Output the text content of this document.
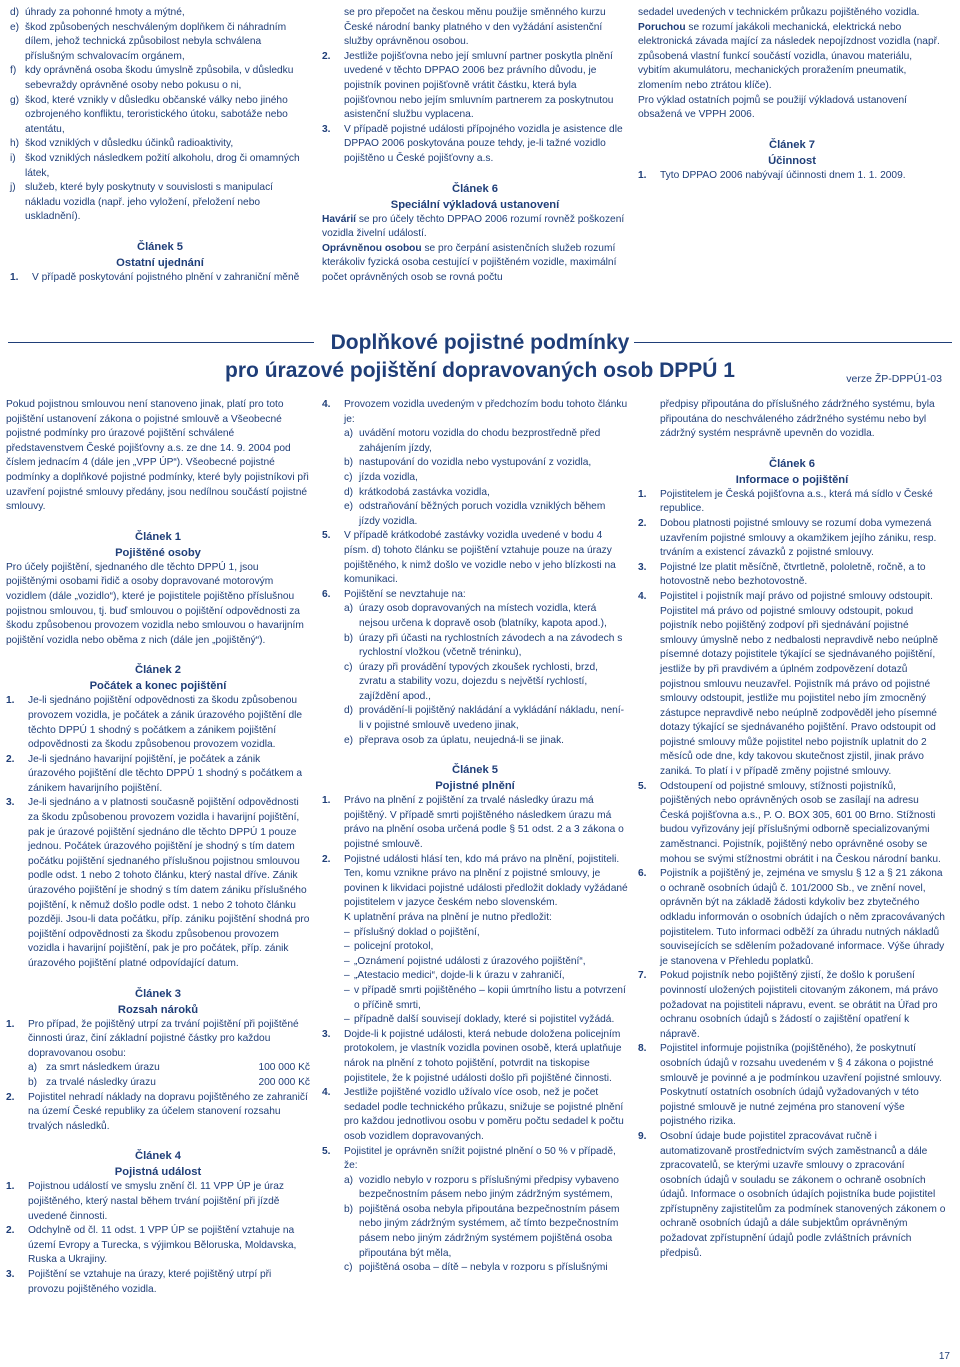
d) úhrady za pohonné hmoty a mýtné,
e) škod způsobených neschváleným doplňkem či náhradním dílem, jehož technická způsobilost nebyla schválena příslušným schvalovacím orgánem,
f) kdy oprávněná osoba škodu úmyslně způsobila, v důsledku sebevraždy oprávněné osoby nebo pokusu o ni,
g) škod, které vznikly v důsledku občanské války nebo jiného ozbrojeného konfliktu, teroristického útoku, sabotáže nebo atentátu,
h) škod vzniklých v důsledku účinků radioaktivity,
i) škod vzniklých následkem požití alkoholu, drog či omamných látek,
j) služeb, které byly poskytnuty v souvislosti s manipulací nákladu vozidla (např. jeho vyložení, přeložení nebo uskladnění).
Článek 5
Ostatní ujednání
1.	V případě poskytování pojistného plnění v zahraniční měně

se pro přepočet na českou měnu použije směnného kurzu České národní banky platného v den vyžádání asistenční služby oprávněnou osobou.

2.	Jestliže pojišťovna nebo její smluvní partner poskytla plnění uvedené v těchto DPPAO 2006 bez právního důvodu, je pojistník povinen pojišťovně vrátit částku, která byla pojišťovnou nebo jejím smluvním partnerem za poskytnutou asistenční službu vyplacena.
3.	V případě pojistné události přípojného vozidla je asistence dle DPPAO 2006 poskytována pouze tehdy, je-li tažné vozidlo pojištěno u České pojišťovny a.s.
Článek 6
Speciální výkladová ustanovení

Havárií se pro účely těchto DPPAO 2006 rozumí rovněž poškození vozidla živelní událostí.

Oprávněnou osobou se pro čerpání asistenčních služeb rozumí kterákoliv fyzická osoba cestující v pojištěném vozidle, maximální počet oprávněných osob se rovná počtu

sedadel uvedených v technickém průkazu pojištěného vozidla.

Poruchou se rozumí jakákoli mechanická, elektrická nebo elektronická závada mající za následek nepojízdnost vozidla (např. způsobená vlastní funkcí součástí vozidla, únavou materiálu, vybitím akumulátoru, mechanických proražením pneumatik, zlomením nebo ztrátou klíče).

Pro výklad ostatních pojmů se použijí výkladová ustanovení obsažená ve VPPH 2006.

Článek 7
Účinnost
1.	Tyto DPPAO 2006 nabývají účinnosti dnem 1. 1. 2009.
Doplňkové pojistné podmínky
pro úrazové pojištění dopravovaných osob DPPÚ 1	verze ŽP-DPPÚ1-03

Pokud pojistnou smlouvou není stanoveno jinak, platí pro toto pojištění ustanovení zákona o pojistné smlouvě a Všeobecné pojistné podmínky pro úrazové pojištění schválené představenstvem České pojišťovny a.s. ze dne 14. 9. 2004 pod číslem jednacím 4 (dále jen „VPP ÚP“). Všeobecné pojistné podmínky a doplňkové pojistné podmínky, které byly pojistníkovi při uzavření pojistné smlouvy předány, jsou nedílnou součástí pojistné smlouvy.

Článek 1
Pojištěné osoby

Pro účely pojištění, sjednaného dle těchto DPPÚ 1, jsou pojištěnými osobami řidič a osoby dopravované motorovým vozidlem (dále „vozidlo“), které je pojistitele pojištěno příslušnou pojistnou smlouvou, tj. buď smlouvou o pojištění odpovědnosti za škodu způsobenou provozem vozidla nebo smlouvou o havarijním pojištění vozidla nebo oběma z nich (dále jen „pojištěný“).

Článek 2
Počátek a konec pojištění
1.	Je-li sjednáno pojištění odpovědnosti za škodu způsobenou provozem vozidla, je počátek a zánik úrazového pojištění dle těchto DPPÚ 1 shodný s počátkem a zánikem pojištění odpovědnosti za škodu způsobenou provozem vozidla.
2.	Je-li sjednáno havarijní pojištění, je počátek a zánik úrazového pojištění dle těchto DPPÚ 1 shodný s počátkem a zánikem havarijního pojištění.
3.	Je-li sjednáno a v platnosti současně pojištění odpovědnosti za škodu způsobenou provozem vozidla i havarijní pojištění, pak je úrazové pojištění sjednáno dle těchto DPPÚ 1 pouze jednou. Počátek úrazového pojištění je shodný s tím datem počátku pojištění sjednaného příslušnou pojistnou smlouvou podle odst. 1 nebo 2 tohoto článku, který nastal dříve. Zánik úrazového pojištění je shodný s tím datem zániku příslušného pojištění, k němuž došlo podle odst. 1 nebo 2 tohoto článku později. Jsou-li data počátku, příp. zániku pojištění shodná pro pojištění odpovědnosti za škodu způsobenou provozem vozidla i havarijní pojištění, pak je pro počátek, příp. zánik úrazového pojištění platné odpovídající datum.
Článek 3
Rozsah nároků
1.	Pro případ, že pojištěný utrpí za trvání pojištění při pojištěné činnosti úraz, činí základní pojistné částky pro každou dopravovanou osobu:
a) za smrt následkem úrazu	100 000 Kč
b) za trvalé následky úrazu	200 000 Kč
2.	Pojistitel nehradí náklady na dopravu pojištěného ze zahraničí na území České republiky za účelem stanovení rozsahu trvalých následků.
Článek 4
Pojistná událost
1.	Pojistnou událostí ve smyslu znění čl. 11 VPP ÚP je úraz pojištěného, který nastal během trvání pojištění při jízdě uvedené činnosti.
2.	Odchylně od čl. 11 odst. 1 VPP ÚP se pojištění vztahuje na území Evropy a Turecka, s výjimkou Běloruska, Moldavska, Ruska a Ukrajiny.
3.	Pojištění se vztahuje na úrazy, které pojištěný utrpí při provozu pojištěného vozidla.
4.	Provozem vozidla uvedeným v předchozím bodu tohoto článku je:
a) uvádění motoru vozidla do chodu bezprostředně před zahájením jízdy,
b) nastupování do vozidla nebo vystupování z vozidla,
c) jízda vozidla,
d) krátkodobá zastávka vozidla,
e) odstraňování běžných poruch vozidla vzniklých během jízdy vozidla.
5.	V případě krátkodobé zastávky vozidla uvedené v bodu 4 písm. d) tohoto článku se pojištění vztahuje pouze na úrazy pojištěného, k nimž došlo ve vozidle nebo v jeho blízkosti na komunikaci.
6.	Pojištění se nevztahuje na:
a) úrazy osob dopravovaných na místech vozidla, která nejsou určena k dopravě osob (blatníky, kapota apod.),
b) úrazy při účasti na rychlostních závodech a na závodech s rychlostní vložkou (včetně tréninku),
c) úrazy při provádění typových zkoušek rychlosti, brzd, zvratu a stability vozu, dojezdu s největší rychlostí, zajíždění apod.,
d) provádění-li pojištěný nakládání a vykládání nákladu, není-li v pojistné smlouvě uvedeno jinak,
e) přeprava osob za úplatu, neujedná-li se jinak.
Článek 5
Pojistné plnění
1.	Právo na plnění z pojištění za trvalé následky úrazu má pojištěný. V případě smrti pojištěného následkem úrazu má právo na plnění osoba určená podle § 51 odst. 2 a 3 zákona o pojistné smlouvě.
2.	Pojistné události hlásí ten, kdo má právo na plnění, pojistiteli. Ten, komu vznikne právo na plnění z pojistné smlouvy, je povinen k likvidaci pojistné události předložit doklady vyžádané pojistitelem v jazyce českém nebo slovenském.

K uplatnění práva na plnění je nutno předložit:

– příslušný doklad o pojištění,
– policejní protokol,
– „Oznámení pojistné události z úrazového pojištění“,
– „Atestacio medici“, dojde-li k úrazu v zahraničí,
– v případě smrti pojištěného – kopii úmrtního listu a potvrzení o příčině smrti,
– případně další souvisejí doklady, které si pojistitel vyžádá.
3.	Dojde-li k pojistné události, která nebude doložena policejním protokolem, je vlastník vozidla povinen osobě, která uplatňuje nárok na plnění z tohoto pojištění, potvrdit na tiskopise pojistitele, že k pojistné události došlo při pojištěné činnosti.
4.	Jestliže pojištěné vozidlo užívalo více osob, než je počet sedadel podle technického průkazu, snižuje se pojistné plnění pro každou jednotlivou osobu v poměru počtu sedadel k počtu osob vozidlem dopravovaných.
5.	Pojistitel je oprávněn snížit pojistné plnění o 50 % v případě, že:
a) vozidlo nebylo v rozporu s příslušnými předpisy vybaveno bezpečnostním pásem nebo jiným zádržným systémem,
b) pojištěná osoba nebyla připoutána bezpečnostním pásem nebo jiným zádržným systémem, ač tímto bezpečnostním pásem nebo jiným zádržným systémem pojištěná osoba připoutána být měla,
c) pojištěná osoba – dítě – nebyla v rozporu s příslušnými

předpisy připoutána do příslušného zádržného systému, byla připoutána do neschváleného zádržného systému nebo byl zádržný systém nesprávně upevněn do vozidla.

Článek 6
Informace o pojištění
1.	Pojistitelem je Česká pojišťovna a.s., která má sídlo v České republice.
2.	Dobou platnosti pojistné smlouvy se rozumí doba vymezená uzavřením pojistné smlouvy a okamžikem jejího zániku, resp. trváním a existencí závazků z pojistné smlouvy.
3.	Pojistné lze platit měsíčně, čtvrtletně, pololetně, ročně, a to hotovostně nebo bezhotovostně.
4.	Pojistitel i pojistník mají právo od pojistné smlouvy odstoupit. Pojistitel má právo od pojistné smlouvy odstoupit, pokud pojistník nebo pojištěný zodpoví při sjednávání pojistné smlouvy úmyslně nebo z nedbalosti nepravdivě nebo neúplně písemné dotazy pojistitele týkající se sjednávaného pojištění, jestliže by při pravdivém a úplném zodpovězení dotazů pojistnou smlouvu neuzavřel. Pojistník má právo od pojistné smlouvy odstoupit, jestliže mu pojistitel nebo jím zmocněný zástupce nepravdivě nebo neúplně zodpověděl jeho písemné dotazy týkající se sjednávaného pojištění. Pravo odstoupit od pojistné smlouvy může pojistitel nebo pojistník uplatnit do 2 měsíců ode dne, kdy takovou skutečnost zjistil, jinak právo zaniká. To platí i v případě změny pojistné smlouvy.
5.	Odstoupení od pojistné smlouvy, stížnosti pojistníků, pojištěných nebo oprávněných osob se zasílají na adresu Česká pojišťovna a.s., P. O. BOX 305, 601 00 Brno. Stížnosti budou vyřizovány její příslušnými odborně specializovanými zaměstnanci. Pojistník, pojištěný nebo oprávněné osoby se mohou se svými stížnostmi obrátit i na Českou národní banku.
6.	Pojistník a pojištěný je, zejména ve smyslu § 12 a § 21 zákona o ochraně osobních údajů č. 101/2000 Sb., ve znění novel, oprávněn být na základě žádosti kdykoliv bez zbytečného odkladu informován o osobních údajích o něm zpracovávaných pojistitelem. Tuto informaci odběží za úhradu nutných nákladů souvisejících se sdělením požadované informace. Výše úhrady je stanovena v Přehledu poplatků.
7.	Pokud pojistník nebo pojištěný zjistí, že došlo k porušení povinností uložených pojistiteli citovaným zákonem, má právo požadovat na pojistiteli nápravu, event. se obrátit na Úřad pro ochranu osobních údajů s žádostí o zajištění opatření k nápravě.
8.	Pojistitel informuje pojistníka (pojištěného), že poskytnutí osobních údajů v rozsahu uvedeném v § 4 zákona o pojistné smlouvě je povinné a je podmínkou uzavření pojistné smlouvy. Poskytnutí ostatních osobních údajů vyžadovaných v této pojistné smlouvě je nutné zejména pro stanovení výše pojistného rizika.
9.	Osobní údaje bude pojistitel zpracovávat ručně i automatizovaně prostřednictvím svých zaměstnanců a dále zpracovatelů, se kterými uzavře smlouvy o zpracování osobních údajů v souladu se zákonem o ochraně osobních údajů. Informace o osobních údajích pojistníka bude pojistitel zpřístupněny zajistitelům za podmínek stanovených zákonem o ochraně osobních údajů a dále subjektům oprávněným požadovat zpřístupnění údajů podle zvláštních právních předpisů.
17
